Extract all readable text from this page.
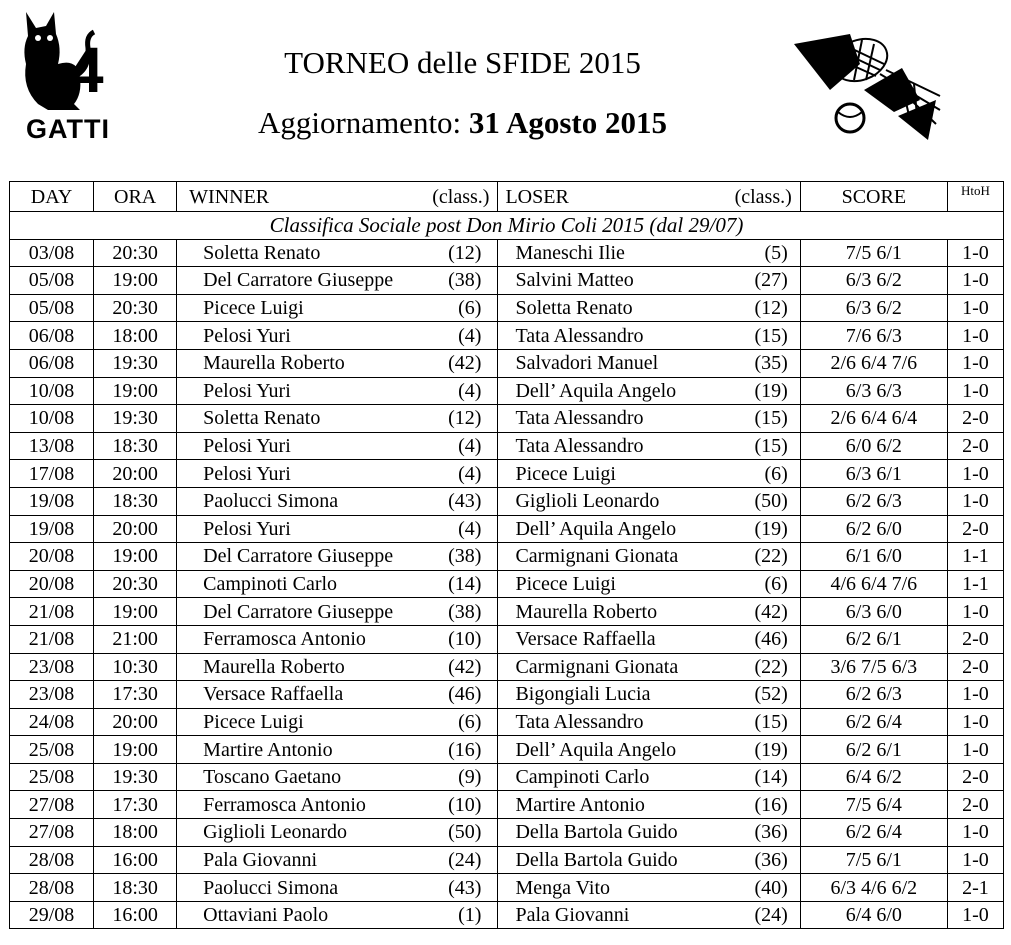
4
GATTI
TORNEO delle SFIDE 2015
Aggiornamento: 31 Agosto 2015
DAY	ORA	WINNER	(class.)	LOSER	(class.)	SCORE	HtoH
Classifica Sociale post Don Mirio Coli 2015 (dal 29/07)							
03/08	20:30	Soletta Renato	(12)	Maneschi Ilie	(5)	7/5 6/1	1-0
05/08	19:00	Del Carratore Giuseppe	(38)	Salvini Matteo	(27)	6/3 6/2	1-0
05/08	20:30	Picece Luigi	(6)	Soletta Renato	(12)	6/3 6/2	1-0
06/08	18:00	Pelosi Yuri	(4)	Tata Alessandro	(15)	7/6 6/3	1-0
06/08	19:30	Maurella Roberto	(42)	Salvadori Manuel	(35)	2/6 6/4 7/6	1-0
10/08	19:00	Pelosi Yuri	(4)	Dell’ Aquila Angelo	(19)	6/3 6/3	1-0
10/08	19:30	Soletta Renato	(12)	Tata Alessandro	(15)	2/6 6/4 6/4	2-0
13/08	18:30	Pelosi Yuri	(4)	Tata Alessandro	(15)	6/0 6/2	2-0
17/08	20:00	Pelosi Yuri	(4)	Picece Luigi	(6)	6/3 6/1	1-0
19/08	18:30	Paolucci Simona	(43)	Giglioli Leonardo	(50)	6/2 6/3	1-0
19/08	20:00	Pelosi Yuri	(4)	Dell’ Aquila Angelo	(19)	6/2 6/0	2-0
20/08	19:00	Del Carratore Giuseppe	(38)	Carmignani Gionata	(22)	6/1 6/0	1-1
20/08	20:30	Campinoti Carlo	(14)	Picece Luigi	(6)	4/6 6/4 7/6	1-1
21/08	19:00	Del Carratore Giuseppe	(38)	Maurella Roberto	(42)	6/3 6/0	1-0
21/08	21:00	Ferramosca Antonio	(10)	Versace Raffaella	(46)	6/2 6/1	2-0
23/08	10:30	Maurella Roberto	(42)	Carmignani Gionata	(22)	3/6 7/5 6/3	2-0
23/08	17:30	Versace Raffaella	(46)	Bigongiali Lucia	(52)	6/2 6/3	1-0
24/08	20:00	Picece Luigi	(6)	Tata Alessandro	(15)	6/2 6/4	1-0
25/08	19:00	Martire Antonio	(16)	Dell’ Aquila Angelo	(19)	6/2 6/1	1-0
25/08	19:30	Toscano Gaetano	(9)	Campinoti Carlo	(14)	6/4 6/2	2-0
27/08	17:30	Ferramosca Antonio	(10)	Martire Antonio	(16)	7/5 6/4	2-0
27/08	18:00	Giglioli Leonardo	(50)	Della Bartola Guido	(36)	6/2 6/4	1-0
28/08	16:00	Pala Giovanni	(24)	Della Bartola Guido	(36)	7/5 6/1	1-0
28/08	18:30	Paolucci Simona	(43)	Menga Vito	(40)	6/3 4/6 6/2	2-1
29/08	16:00	Ottaviani Paolo	(1)	Pala Giovanni	(24)	6/4 6/0	1-0
